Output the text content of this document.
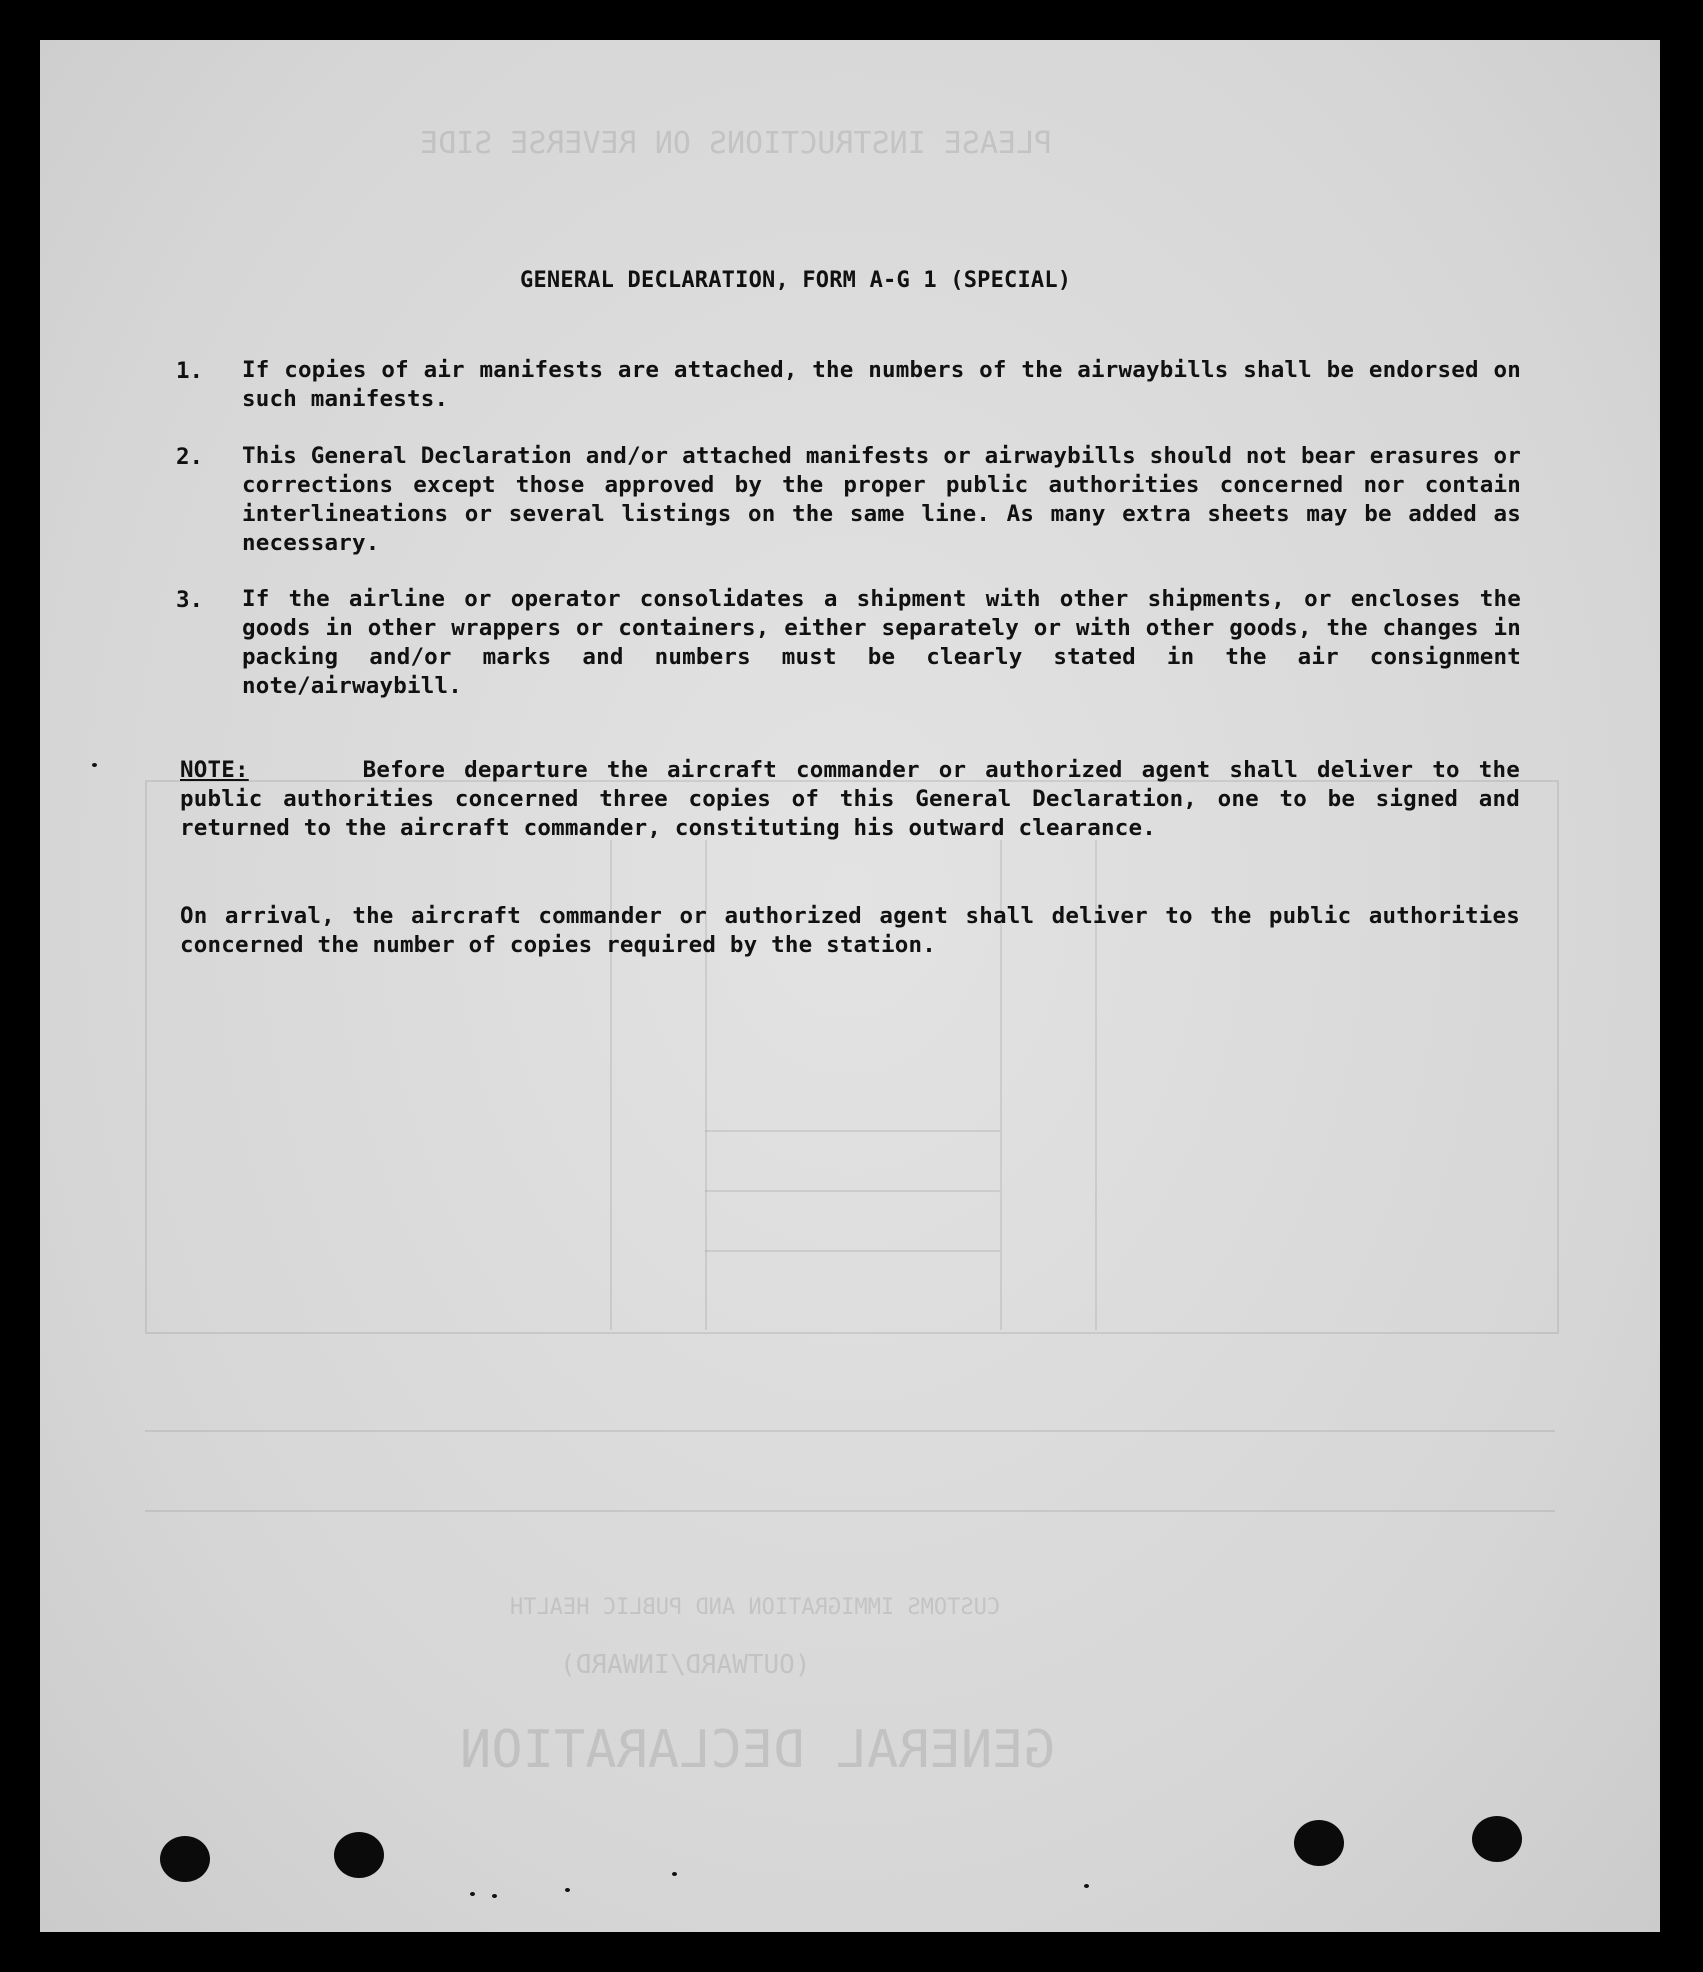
PLEASE INSTRUCTIONS ON REVERSE SIDE
GENERAL DECLARATION
(OUTWARD/INWARD)
CUSTOMS IMMIGRATION AND PUBLIC HEALTH
GENERAL DECLARATION, FORM A-G 1 (SPECIAL)
1. If copies of air manifests are attached, the numbers of the airwaybills shall be endorsed on such manifests.
2. This General Declaration and/or attached manifests or airwaybills should not bear erasures or corrections except those approved by the proper public authorities concerned nor contain interlineations or several listings on the same line. As many extra sheets may be added as necessary.
3. If the airline or operator consolidates a shipment with other shipments, or encloses the goods in other wrappers or containers, either separately or with other goods, the changes in packing and/or marks and numbers must be clearly stated in the air consignment note/airwaybill.
NOTE:	Before departure the aircraft commander or authorized agent shall deliver to the public authorities concerned three copies of this General Declaration, one to be signed and returned to the aircraft commander, constituting his outward clearance.
On arrival, the aircraft commander or authorized agent shall deliver to the public authorities concerned the number of copies required by the station.
